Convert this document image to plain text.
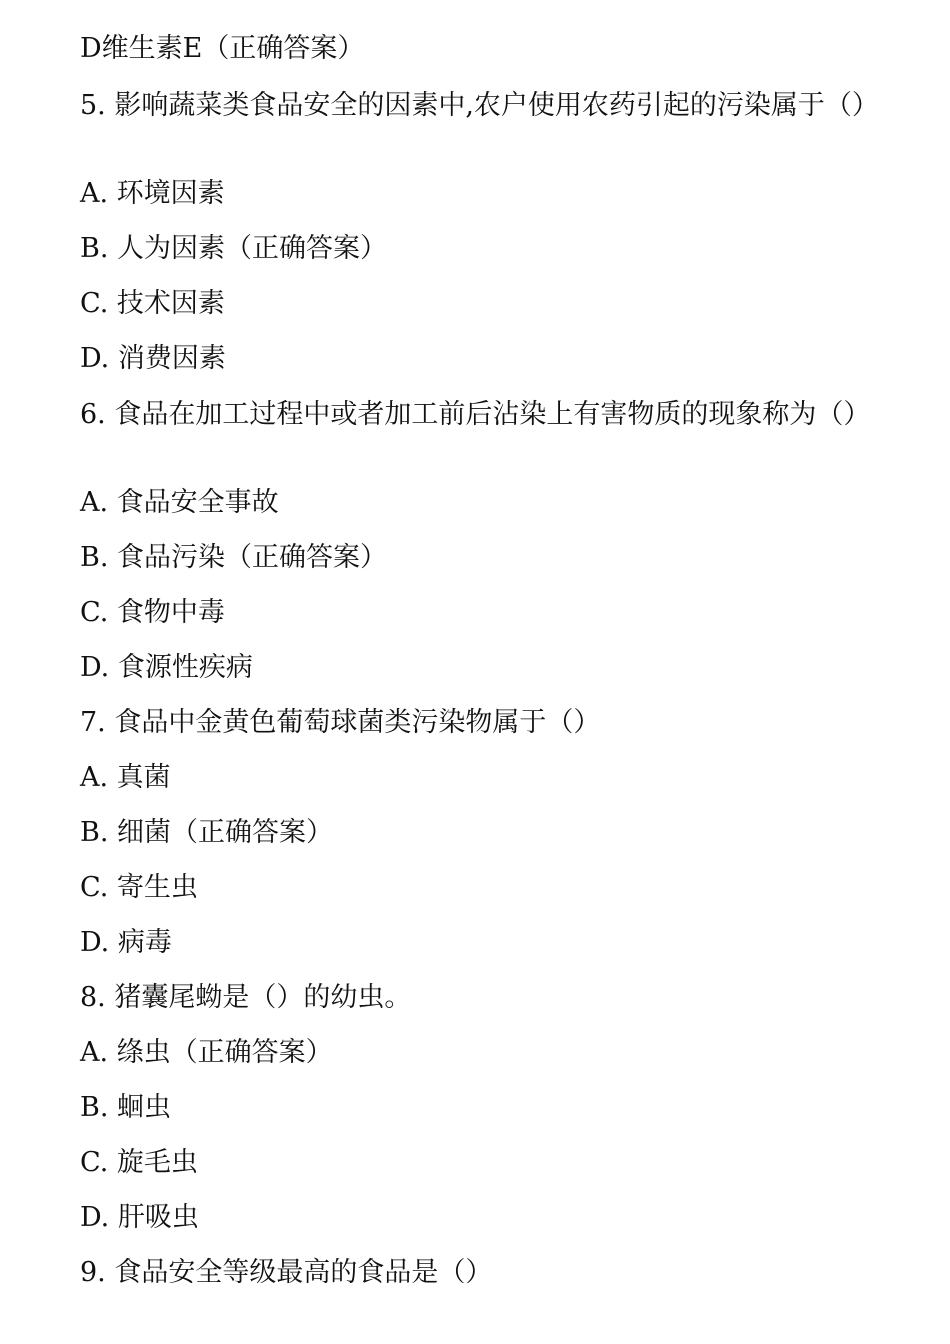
D维生素E（正确答案）
5. 影响蔬菜类食品安全的因素中,农户使用农药引起的污染属于（）
A. 环境因素
B. 人为因素（正确答案）
C. 技术因素
D. 消费因素
6. 食品在加工过程中或者加工前后沾染上有害物质的现象称为（）
A. 食品安全事故
B. 食品污染（正确答案）
C. 食物中毒
D. 食源性疾病
7. 食品中金黄色葡萄球菌类污染物属于（）
A. 真菌
B. 细菌（正确答案）
C. 寄生虫
D. 病毒
8. 猪囊尾蚴是（）的幼虫。
A. 绦虫（正确答案）
B. 蛔虫
C. 旋毛虫
D. 肝吸虫
9. 食品安全等级最高的食品是（）
